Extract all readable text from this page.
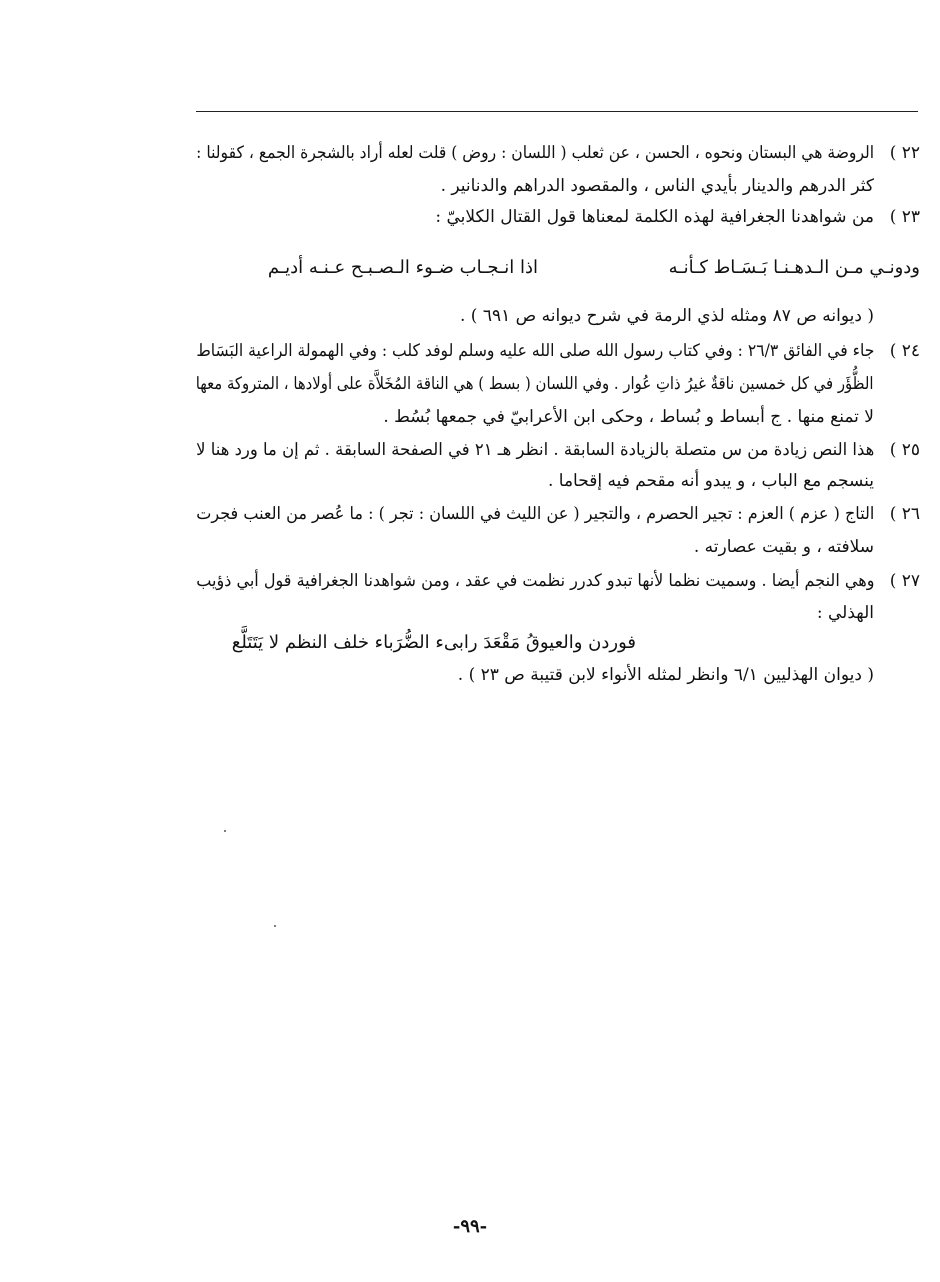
٢٢ )
الروضة هي البستان ونحوه ، الحسن ، عن ثعلب ( اللسان : روض ) قلت لعله أراد بالشجرة الجمع ، كقولنا :
كثر الدرهم والدينار بأيدي الناس ، والمقصود الدراهم والدنانير .
٢٣ )
من شواهدنا الجغرافية لهذه الكلمة لمعناها قول القتال الكلابيّ :
ودونـي مـن الـدهـنـا بَـسَـاط كـأنـه
اذا انـجـاب ضـوء الـصـبـح عـنـه أديـم
( ديوانه ص ٨٧ ومثله لذي الرمة في شرح ديوانه ص ٦٩١ ) .
٢٤ )
جاء في الفائق ٢٦/٣ : وفي كتاب رسول الله صلى الله عليه وسلم لوفد كلب : وفي الهمولة الراعية البَسَاط
الظُّؤَر في كل خمسين ناقةٌ غيرُ ذاتِ عُوار . وفي اللسان ( بسط ) هي الناقة المُخَلاَّة على أولادها ، المتروكة معها
لا تمنع منها . ج أبساط و بُساط ، وحكى ابن الأعرابيّ في جمعها بُسُط .
٢٥ )
هذا النص زيادة من س متصلة بالزيادة السابقة . انظر هـ ٢١ في الصفحة السابقة . ثم إن ما ورد هنا لا
ينسجم مع الباب ، و يبدو أنه مقحم فيه إقحاما .
٢٦ )
التاج ( عزم ) العزم : تجير الحصرم ، والتجير ( عن الليث في اللسان : تجر ) : ما عُصر من العنب فجرت
سلافته ، و بقيت عصارته .
٢٧ )
وهي النجم أيضا . وسميت نظما لأنها تبدو كدرر نظمت في عقد ، ومن شواهدنا الجغرافية قول أبي ذؤيب
الهذلي :
فوردن والعيوقُ مَقْعَدَ رابىء الضُّرَباء خلف النظم لا يَتَتَلَّع
( ديوان الهذليين ٦/١ وانظر لمثله الأنواء لابن قتيبة ص ٢٣ ) .
-٩٩-
